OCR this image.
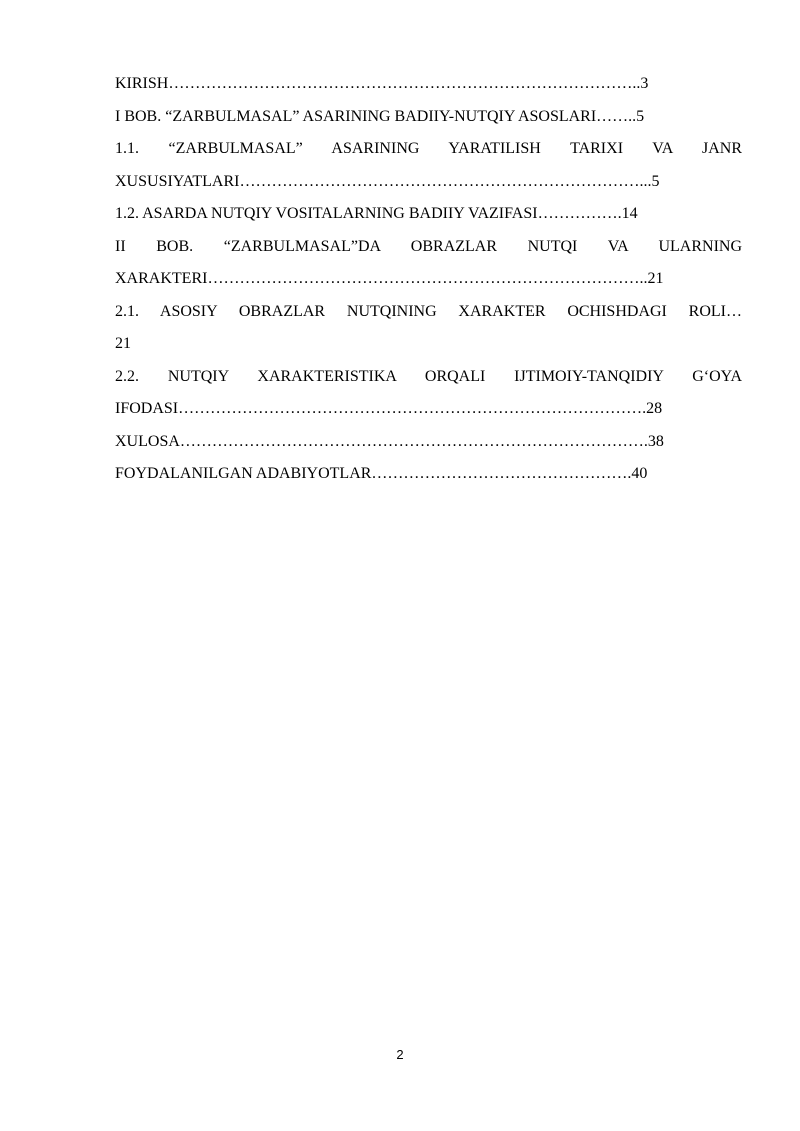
KIRISH……………………………………………………………………………..3
I BOB. “ZARBULMASAL” ASARINING BADIIY-NUTQIY ASOSLARI……..5
1.1. “ZARBULMASAL” ASARINING YARATILISH TARIXI VA JANR
XUSUSIYATLARI…………………………………………………………………...5
1.2. ASARDA NUTQIY VOSITALARNING BADIIY VAZIFASI…………….14
II BOB. “ZARBULMASAL”DA OBRAZLAR NUTQI VA ULARNING
XARAKTERI………………………………………………………………………..21
2.1. ASOSIY OBRAZLAR NUTQINING XARAKTER OCHISHDAGI ROLI…
21
2.2. NUTQIY XARAKTERISTIKA ORQALI IJTIMOIY-TANQIDIY G‘OYA
IFODASI…………………………………………………………………………….28
XULOSA…………………………………………………………………………….38
FOYDALANILGAN ADABIYOTLAR………………………………………….40
2
